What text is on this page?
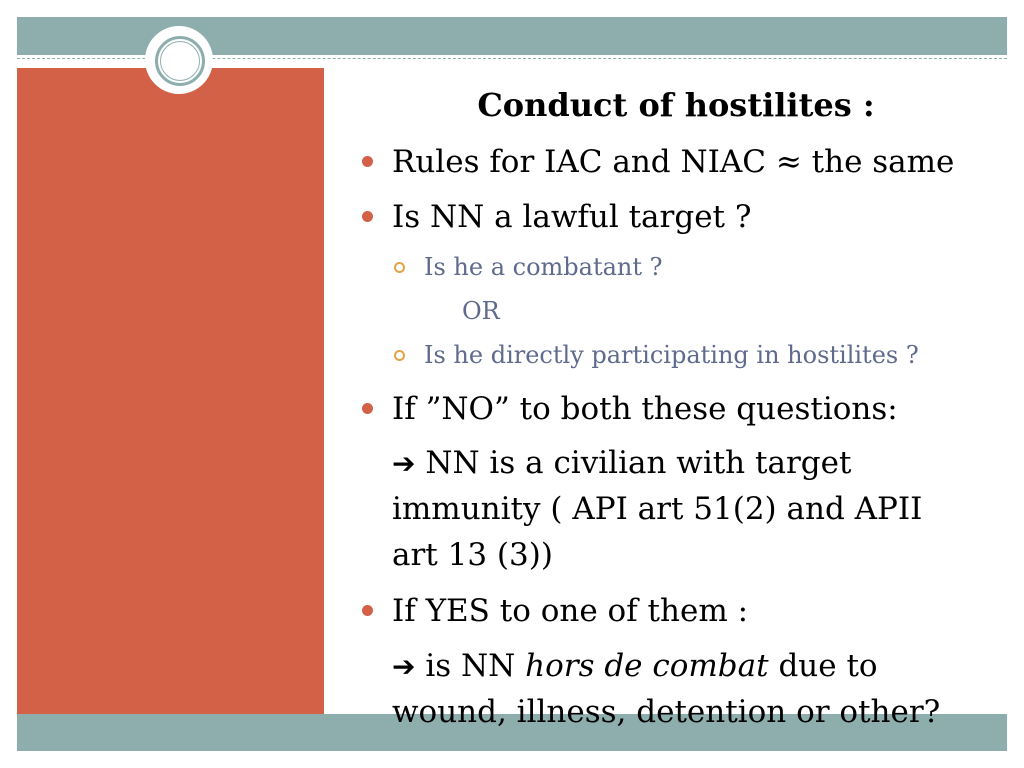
Conduct of hostilites :
Rules for IAC and NIAC ≈ the same
Is NN a lawful target ?
Is he a combatant ?
OR
Is he directly participating in hostilites ?
If ”NO” to both these questions:
➔ NN is a civilian with target
immunity ( API art 51(2) and APII
art 13 (3))
If YES to one of them :
➔ is NN hors de combat due to
wound, illness, detention or other?
